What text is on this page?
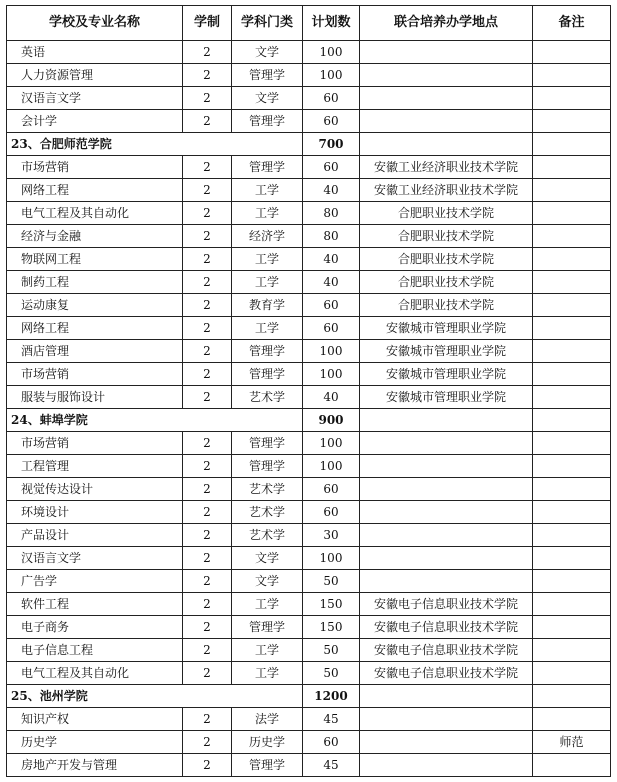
学校及专业名称	学制	学科门类	计划数	联合培养办学地点	备注
英语	2	文学	100		
人力资源管理	2	管理学	100		
汉语言文学	2	文学	60		
会计学	2	管理学	60		
23、合肥师范学院			700		
市场营销	2	管理学	60	安徽工业经济职业技术学院	
网络工程	2	工学	40	安徽工业经济职业技术学院	
电气工程及其自动化	2	工学	80	合肥职业技术学院	
经济与金融	2	经济学	80	合肥职业技术学院	
物联网工程	2	工学	40	合肥职业技术学院	
制药工程	2	工学	40	合肥职业技术学院	
运动康复	2	教育学	60	合肥职业技术学院	
网络工程	2	工学	60	安徽城市管理职业学院	
酒店管理	2	管理学	100	安徽城市管理职业学院	
市场营销	2	管理学	100	安徽城市管理职业学院	
服装与服饰设计	2	艺术学	40	安徽城市管理职业学院	
24、蚌埠学院			900		
市场营销	2	管理学	100		
工程管理	2	管理学	100		
视觉传达设计	2	艺术学	60		
环境设计	2	艺术学	60		
产品设计	2	艺术学	30		
汉语言文学	2	文学	100		
广告学	2	文学	50		
软件工程	2	工学	150	安徽电子信息职业技术学院	
电子商务	2	管理学	150	安徽电子信息职业技术学院	
电子信息工程	2	工学	50	安徽电子信息职业技术学院	
电气工程及其自动化	2	工学	50	安徽电子信息职业技术学院	
25、池州学院			1200		
知识产权	2	法学	45		
历史学	2	历史学	60		师范
房地产开发与管理	2	管理学	45		
